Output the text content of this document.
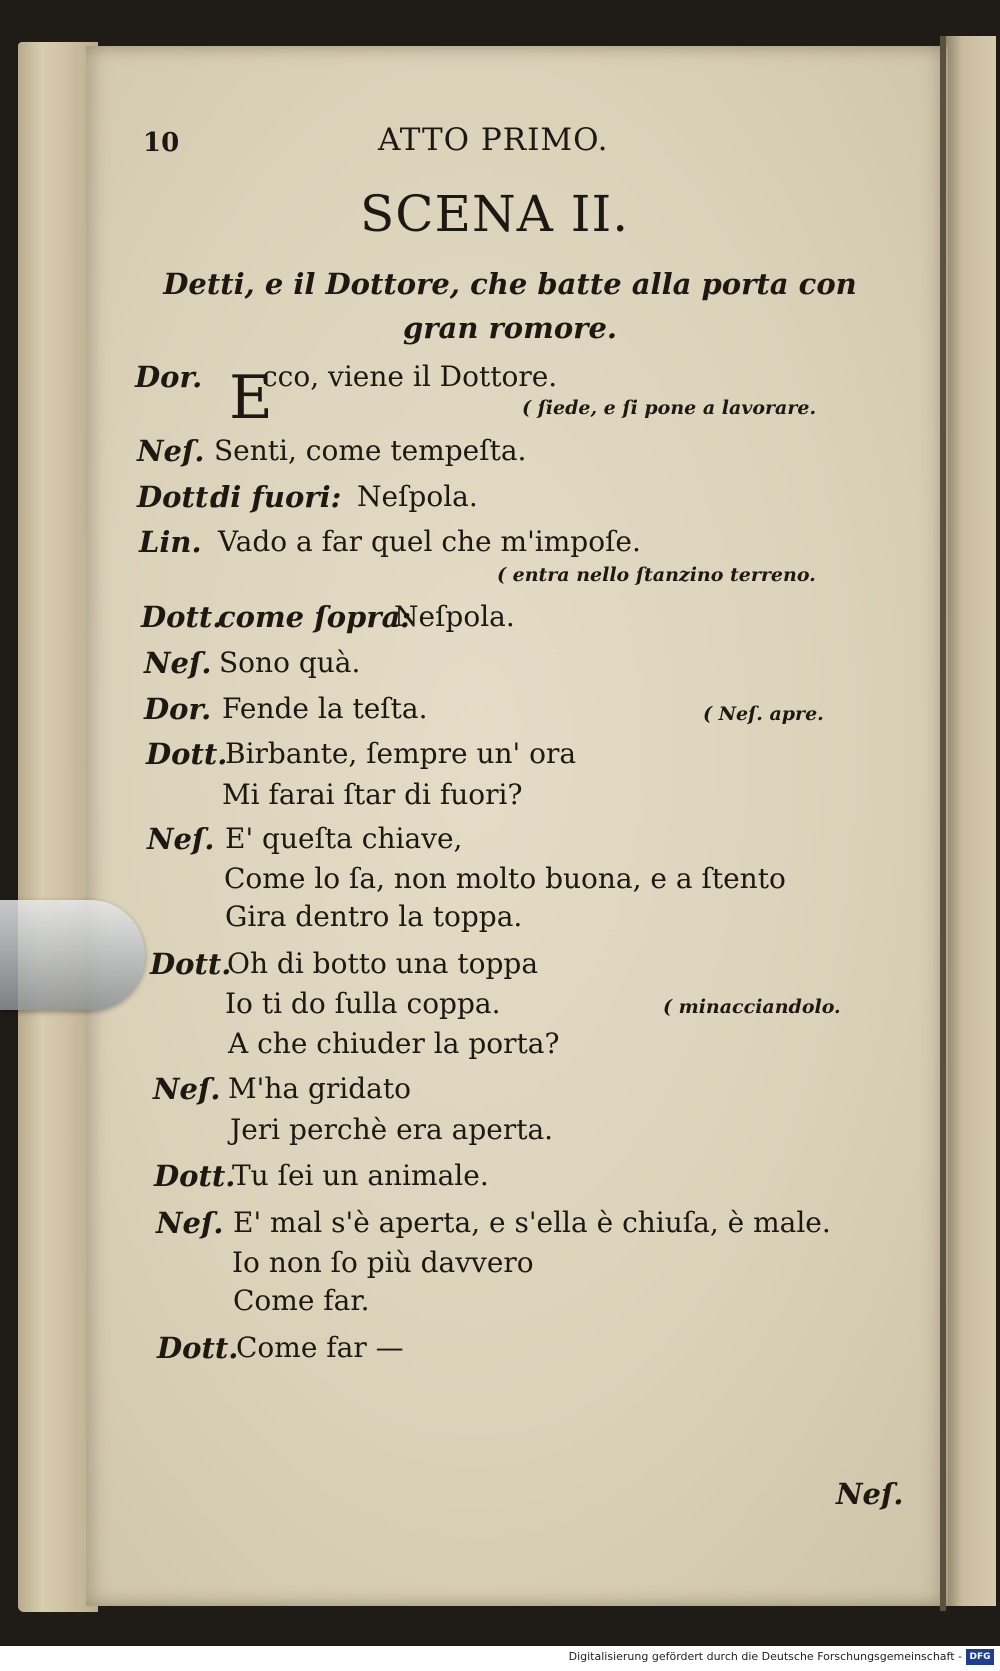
10	ATTO PRIMO.
SCENA II.
Detti, e il Dottore, che batte alla porta con
gran romore.
Dor. E
cco, viene il Dottore.
( ſiede, e ſi pone a lavorare.
Neſ. Senti, come tempeſta.
Dott.
di fuori: Neſpola.
Lin. Vado a far quel che m'impoſe.
( entra nello ſtanzino terreno.
Dott.
come ſopra:
Neſpola.
Neſ. Sono quà.
Dor. Fende la teſta.	( Neſ. apre.
Dott.
Birbante, ſempre un' ora
Mi farai ſtar di fuori?
Neſ. E' queſta chiave,
Come lo ſa, non molto buona, e a ſtento
Gira dentro la toppa.
Dott.
Oh di botto una toppa
Io ti do ſulla coppa.	( minacciandolo.
A che chiuder la porta?
Neſ. M'ha gridato
Jeri perchè era aperta.
Dott.
Tu ſei un animale.
Neſ. E' mal s'è aperta, e s'ella è chiuſa, è male.
Io non ſo più davvero
Come far.
Dott.
Come far —
Neſ.
Digitalisierung gefördert durch die Deutsche Forschungsgemeinschaft - DFG
